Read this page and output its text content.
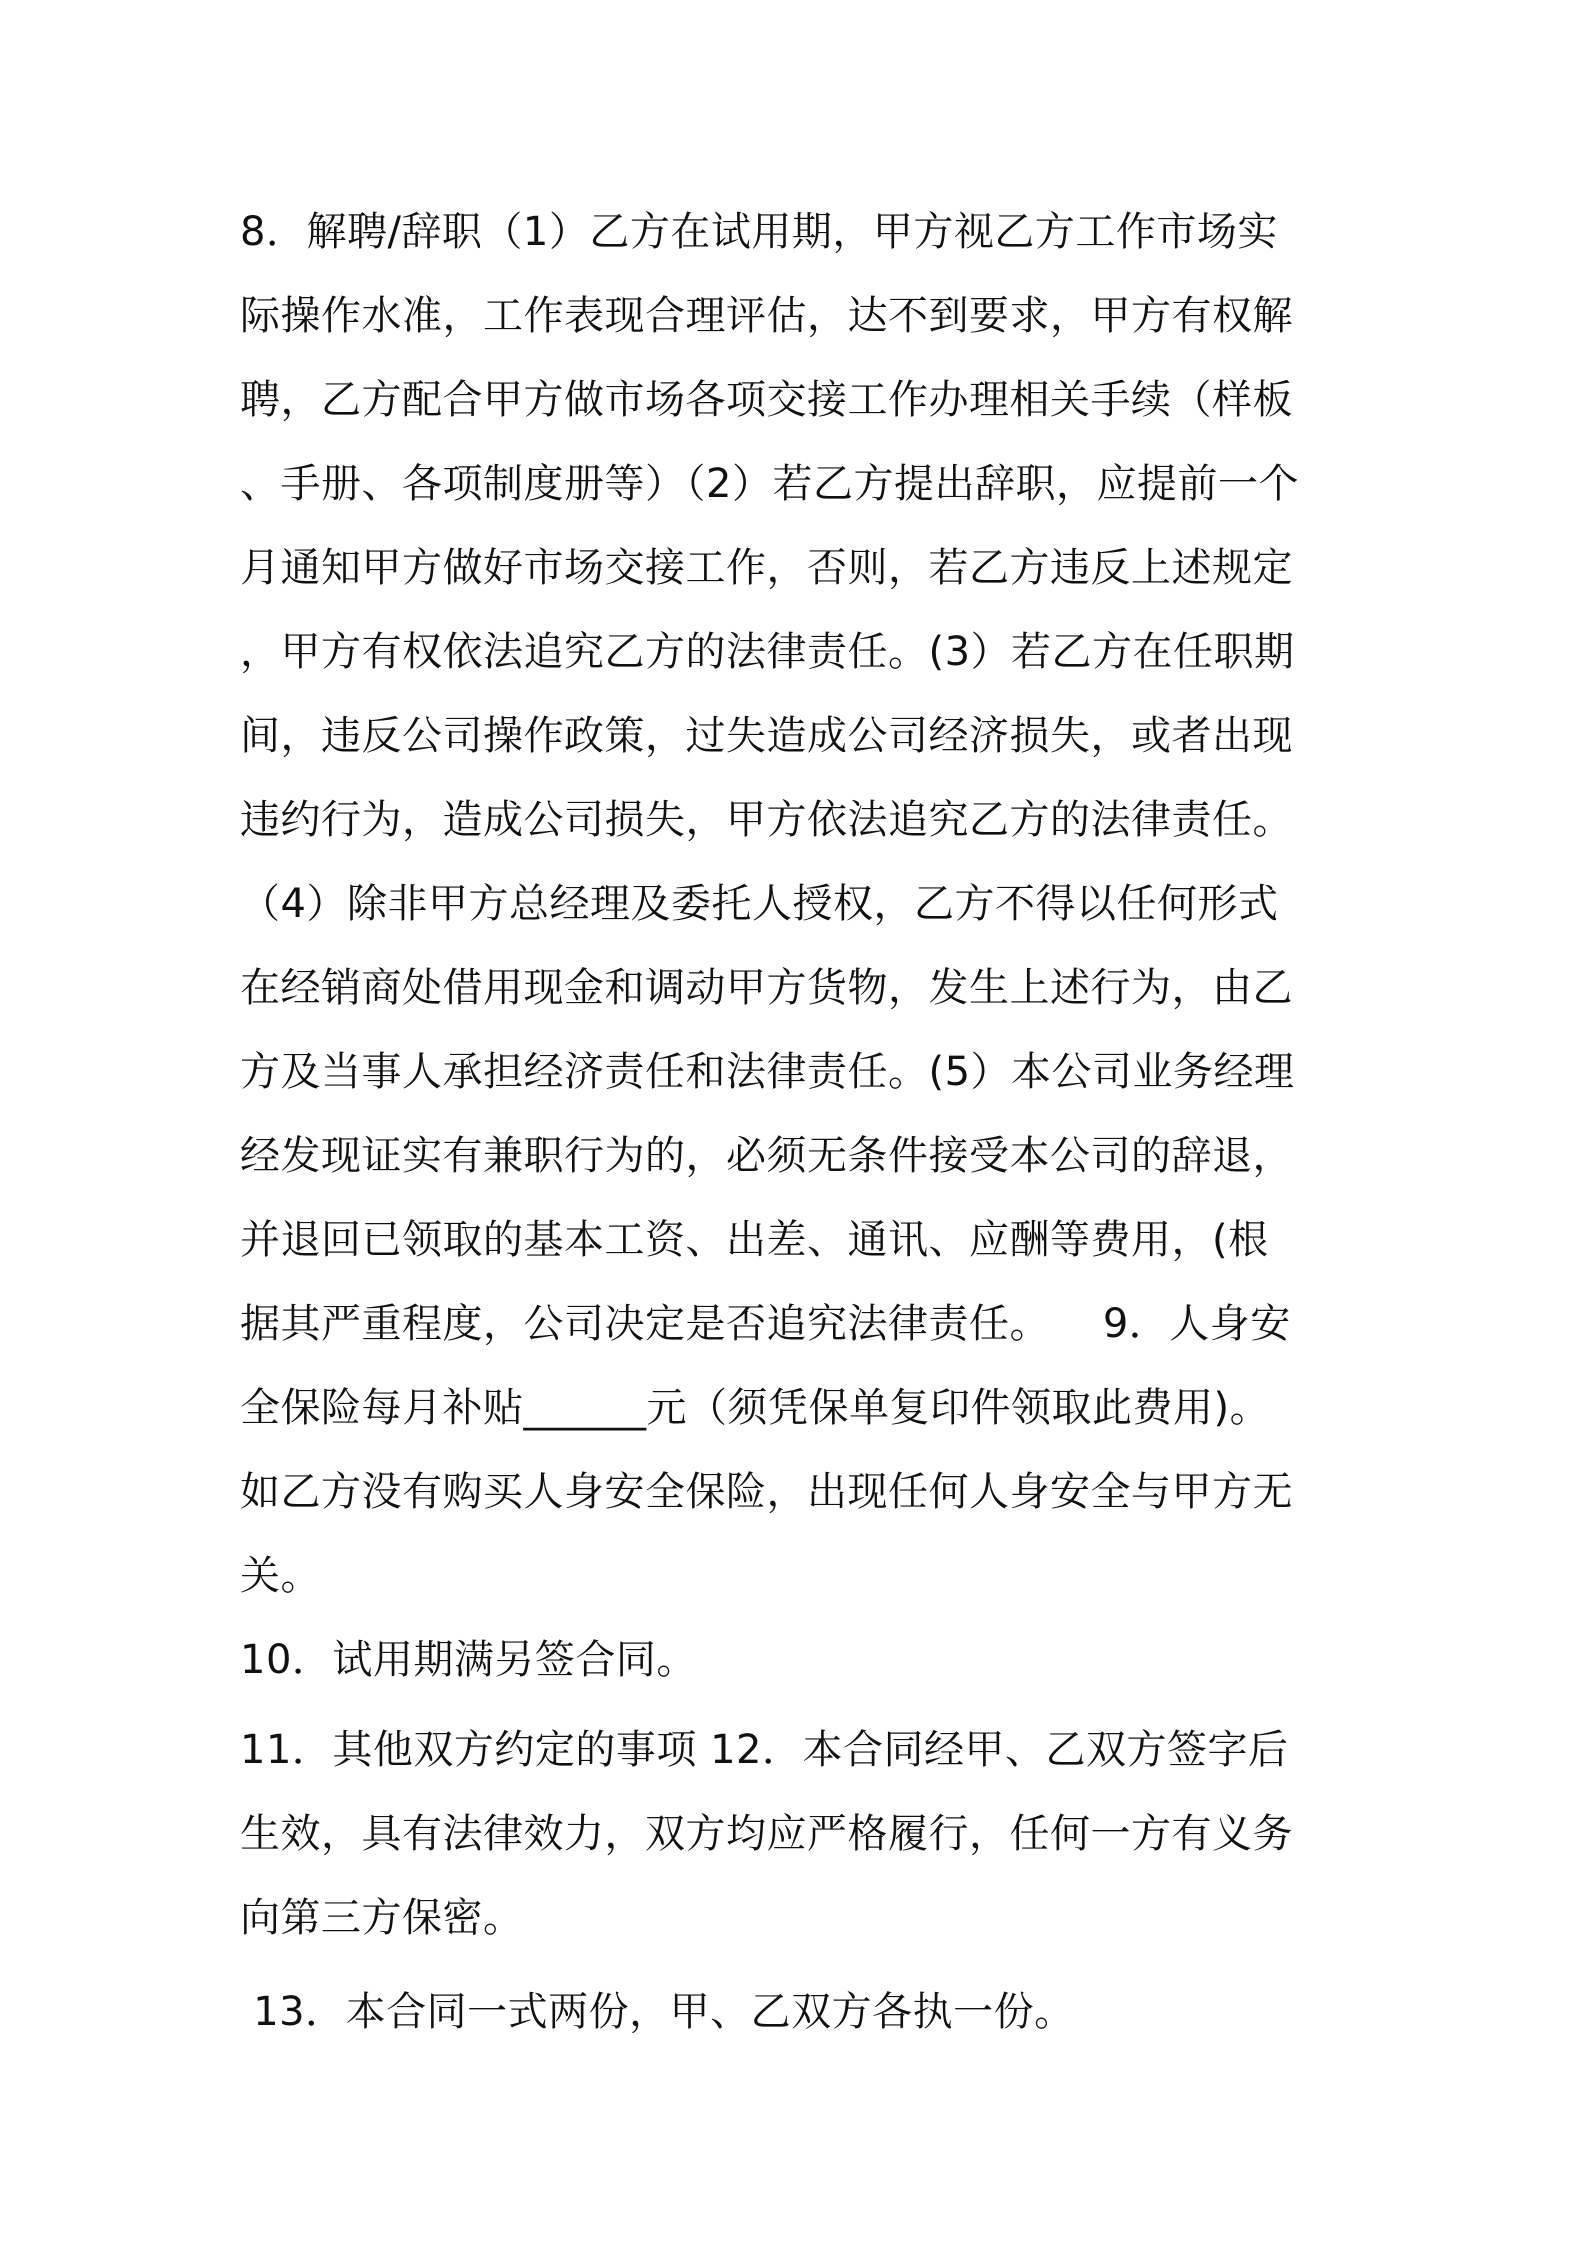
8．解聘/辞职（1）乙方在试用期，甲方视乙方工作市场实
际操作水准，工作表现合理评估，达不到要求，甲方有权解
聘，乙方配合甲方做市场各项交接工作办理相关手续（样板
、手册、各项制度册等）（2）若乙方提出辞职，应提前一个
月通知甲方做好市场交接工作，否则，若乙方违反上述规定
，甲方有权依法追究乙方的法律责任。(3）若乙方在任职期
间，违反公司操作政策，过失造成公司经济损失，或者出现
违约行为，造成公司损失，甲方依法追究乙方的法律责任。
（4）除非甲方总经理及委托人授权，乙方不得以任何形式
在经销商处借用现金和调动甲方货物，发生上述行为，由乙
方及当事人承担经济责任和法律责任。(5）本公司业务经理
经发现证实有兼职行为的，必须无条件接受本公司的辞退，
并退回已领取的基本工资、出差、通讯、应酬等费用，(根
据其严重程度，公司决定是否追究法律责任。    9．人身安
全保险每月补贴______元（须凭保单复印件领取此费用)。
如乙方没有购买人身安全保险，出现任何人身安全与甲方无
关。
10．试用期满另签合同。
11．其他双方约定的事项 12．本合同经甲、乙双方签字后
生效，具有法律效力，双方均应严格履行，任何一方有义务
向第三方保密。
13．本合同一式两份，甲、乙双方各执一份。
